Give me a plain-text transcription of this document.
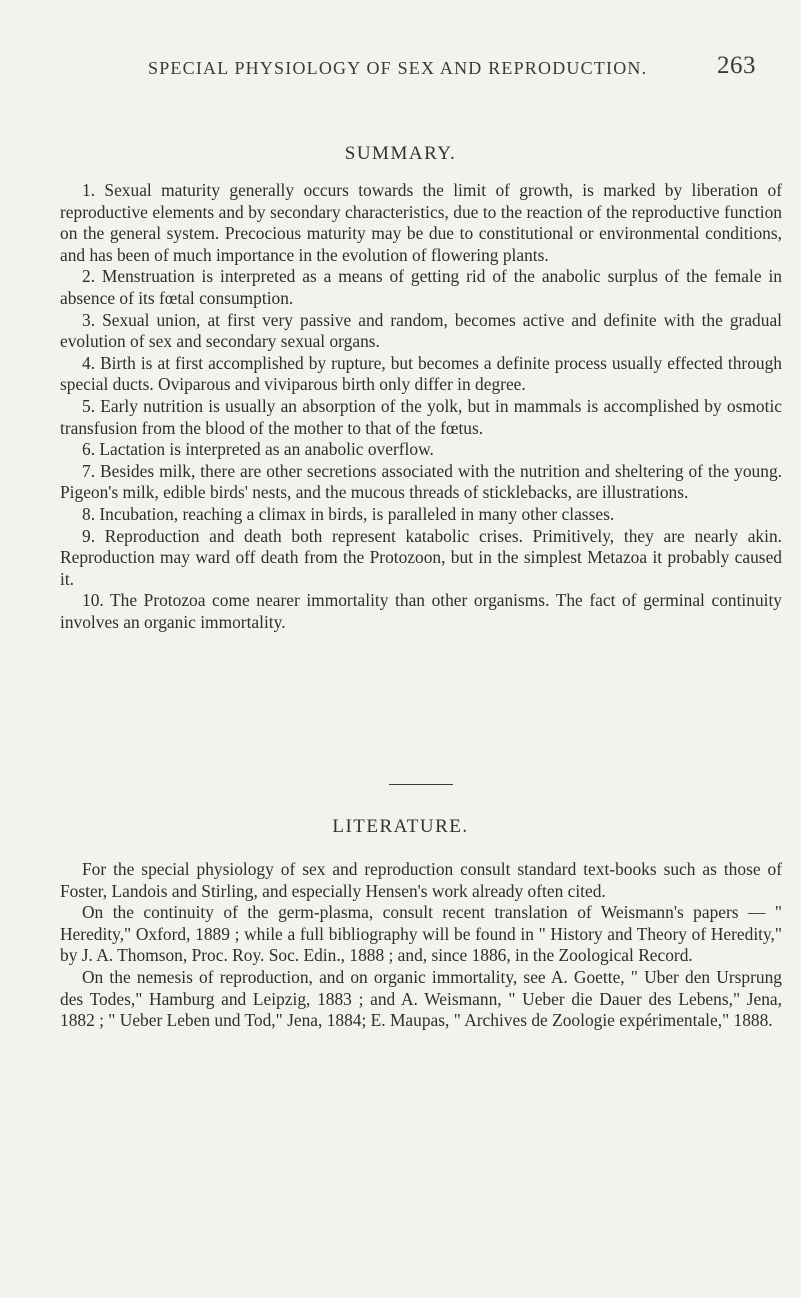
SPECIAL PHYSIOLOGY OF SEX AND REPRODUCTION.	263
SUMMARY.

1. Sexual maturity generally occurs towards the limit of growth, is marked by liberation of reproductive elements and by secondary characteristics, due to the reaction of the reproductive function on the general system. Precocious maturity may be due to constitutional or environmental conditions, and has been of much importance in the evolution of flowering plants.

2. Menstruation is interpreted as a means of getting rid of the anabolic surplus of the female in absence of its fœtal consumption.

3. Sexual union, at first very passive and random, becomes active and definite with the gradual evolution of sex and secondary sexual organs.

4. Birth is at first accomplished by rupture, but becomes a definite process usually effected through special ducts. Oviparous and viviparous birth only differ in degree.

5. Early nutrition is usually an absorption of the yolk, but in mammals is accomplished by osmotic transfusion from the blood of the mother to that of the fœtus.

6. Lactation is interpreted as an anabolic overflow.

7. Besides milk, there are other secretions associated with the nutrition and sheltering of the young. Pigeon's milk, edible birds' nests, and the mucous threads of sticklebacks, are illustrations.

8. Incubation, reaching a climax in birds, is paralleled in many other classes.

9. Reproduction and death both represent katabolic crises. Primitively, they are nearly akin. Reproduction may ward off death from the Protozoon, but in the simplest Metazoa it probably caused it.

10. The Protozoa come nearer immortality than other organisms. The fact of germinal continuity involves an organic immortality.

LITERATURE.

For the special physiology of sex and reproduction consult standard text-books such as those of Foster, Landois and Stirling, and especially Hensen's work already often cited.

On the continuity of the germ-plasma, consult recent translation of Weismann's papers — " Heredity," Oxford, 1889 ; while a full bibliography will be found in " History and Theory of Heredity," by J. A. Thomson, Proc. Roy. Soc. Edin., 1888 ; and, since 1886, in the Zoological Record.

On the nemesis of reproduction, and on organic immortality, see A. Goette, " Uber den Ursprung des Todes," Hamburg and Leipzig, 1883 ; and A. Weismann, " Ueber die Dauer des Lebens," Jena, 1882 ; " Ueber Leben und Tod," Jena, 1884; E. Maupas, " Archives de Zoologie expérimentale," 1888.
